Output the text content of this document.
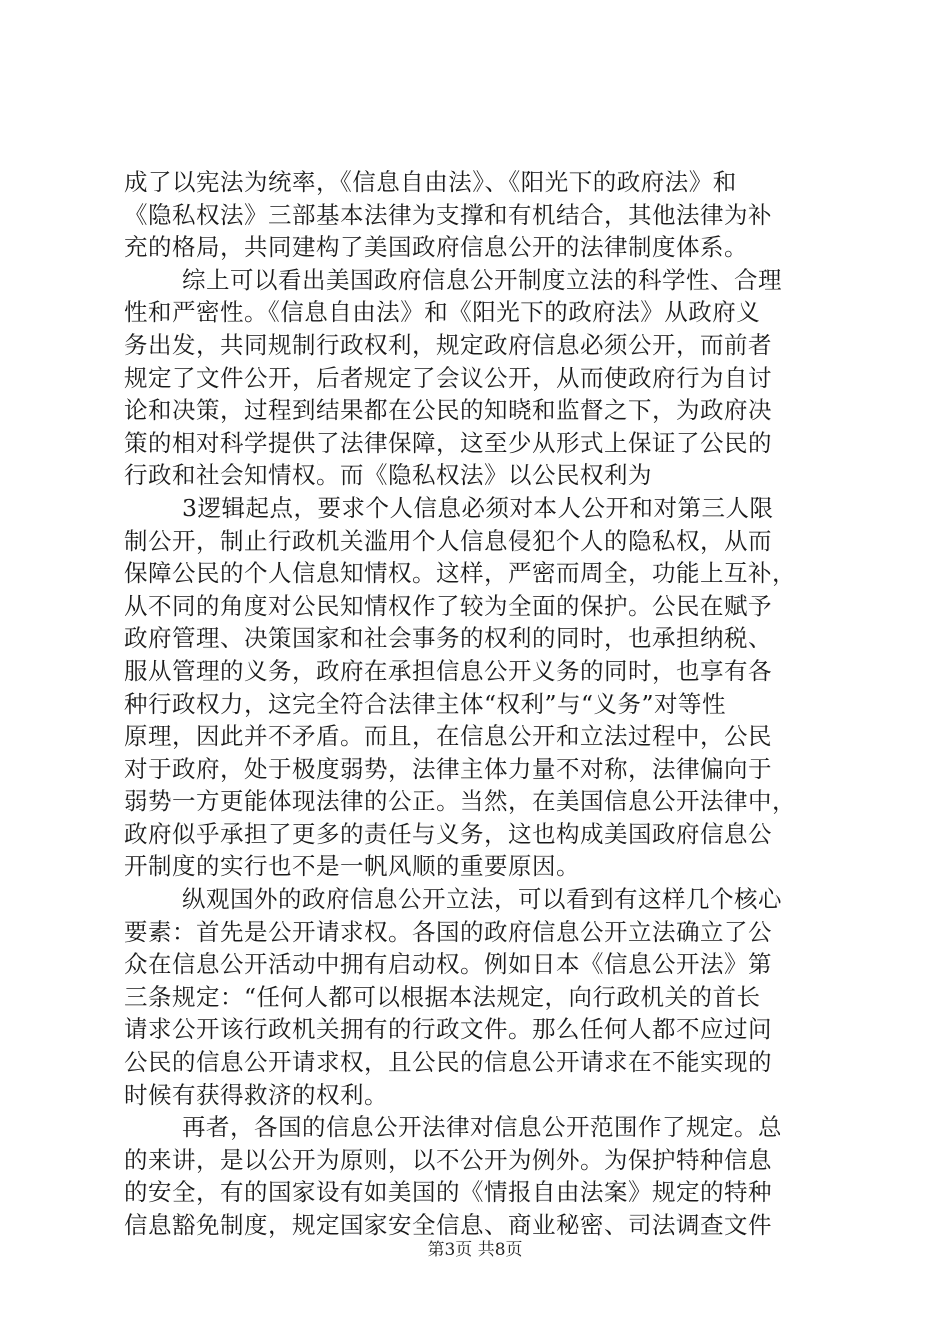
成了以宪法为统率，《信息自由法》、《阳光下的政府法》和
《隐私权法》三部基本法律为支撑和有机结合，其他法律为补
充的格局，共同建构了美国政府信息公开的法律制度体系。
综上可以看出美国政府信息公开制度立法的科学性、合理
性和严密性。《信息自由法》和《阳光下的政府法》从政府义
务出发，共同规制行政权利，规定政府信息必须公开，而前者
规定了文件公开，后者规定了会议公开，从而使政府行为自讨
论和决策，过程到结果都在公民的知晓和监督之下，为政府决
策的相对科学提供了法律保障，这至少从形式上保证了公民的
行政和社会知情权。而《隐私权法》以公民权利为
3逻辑起点，要求个人信息必须对本人公开和对第三人限
制公开，制止行政机关滥用个人信息侵犯个人的隐私权，从而
保障公民的个人信息知情权。这样，严密而周全，功能上互补，
从不同的角度对公民知情权作了较为全面的保护。公民在赋予
政府管理、决策国家和社会事务的权利的同时，也承担纳税、
服从管理的义务，政府在承担信息公开义务的同时，也享有各
种行政权力，这完全符合法律主体“权利”与“义务”对等性
原理，因此并不矛盾。而且，在信息公开和立法过程中，公民
对于政府，处于极度弱势，法律主体力量不对称，法律偏向于
弱势一方更能体现法律的公正。当然，在美国信息公开法律中，
政府似乎承担了更多的责任与义务，这也构成美国政府信息公
开制度的实行也不是一帆风顺的重要原因。
纵观国外的政府信息公开立法，可以看到有这样几个核心
要素：首先是公开请求权。各国的政府信息公开立法确立了公
众在信息公开活动中拥有启动权。例如日本《信息公开法》第
三条规定：“任何人都可以根据本法规定，向行政机关的首长
请求公开该行政机关拥有的行政文件。那么任何人都不应过问
公民的信息公开请求权，且公民的信息公开请求在不能实现的
时候有获得救济的权利。
再者，各国的信息公开法律对信息公开范围作了规定。总
的来讲，是以公开为原则，以不公开为例外。为保护特种信息
的安全，有的国家设有如美国的《情报自由法案》规定的特种
信息豁免制度，规定国家安全信息、商业秘密、司法调查文件
第3页 共8页
